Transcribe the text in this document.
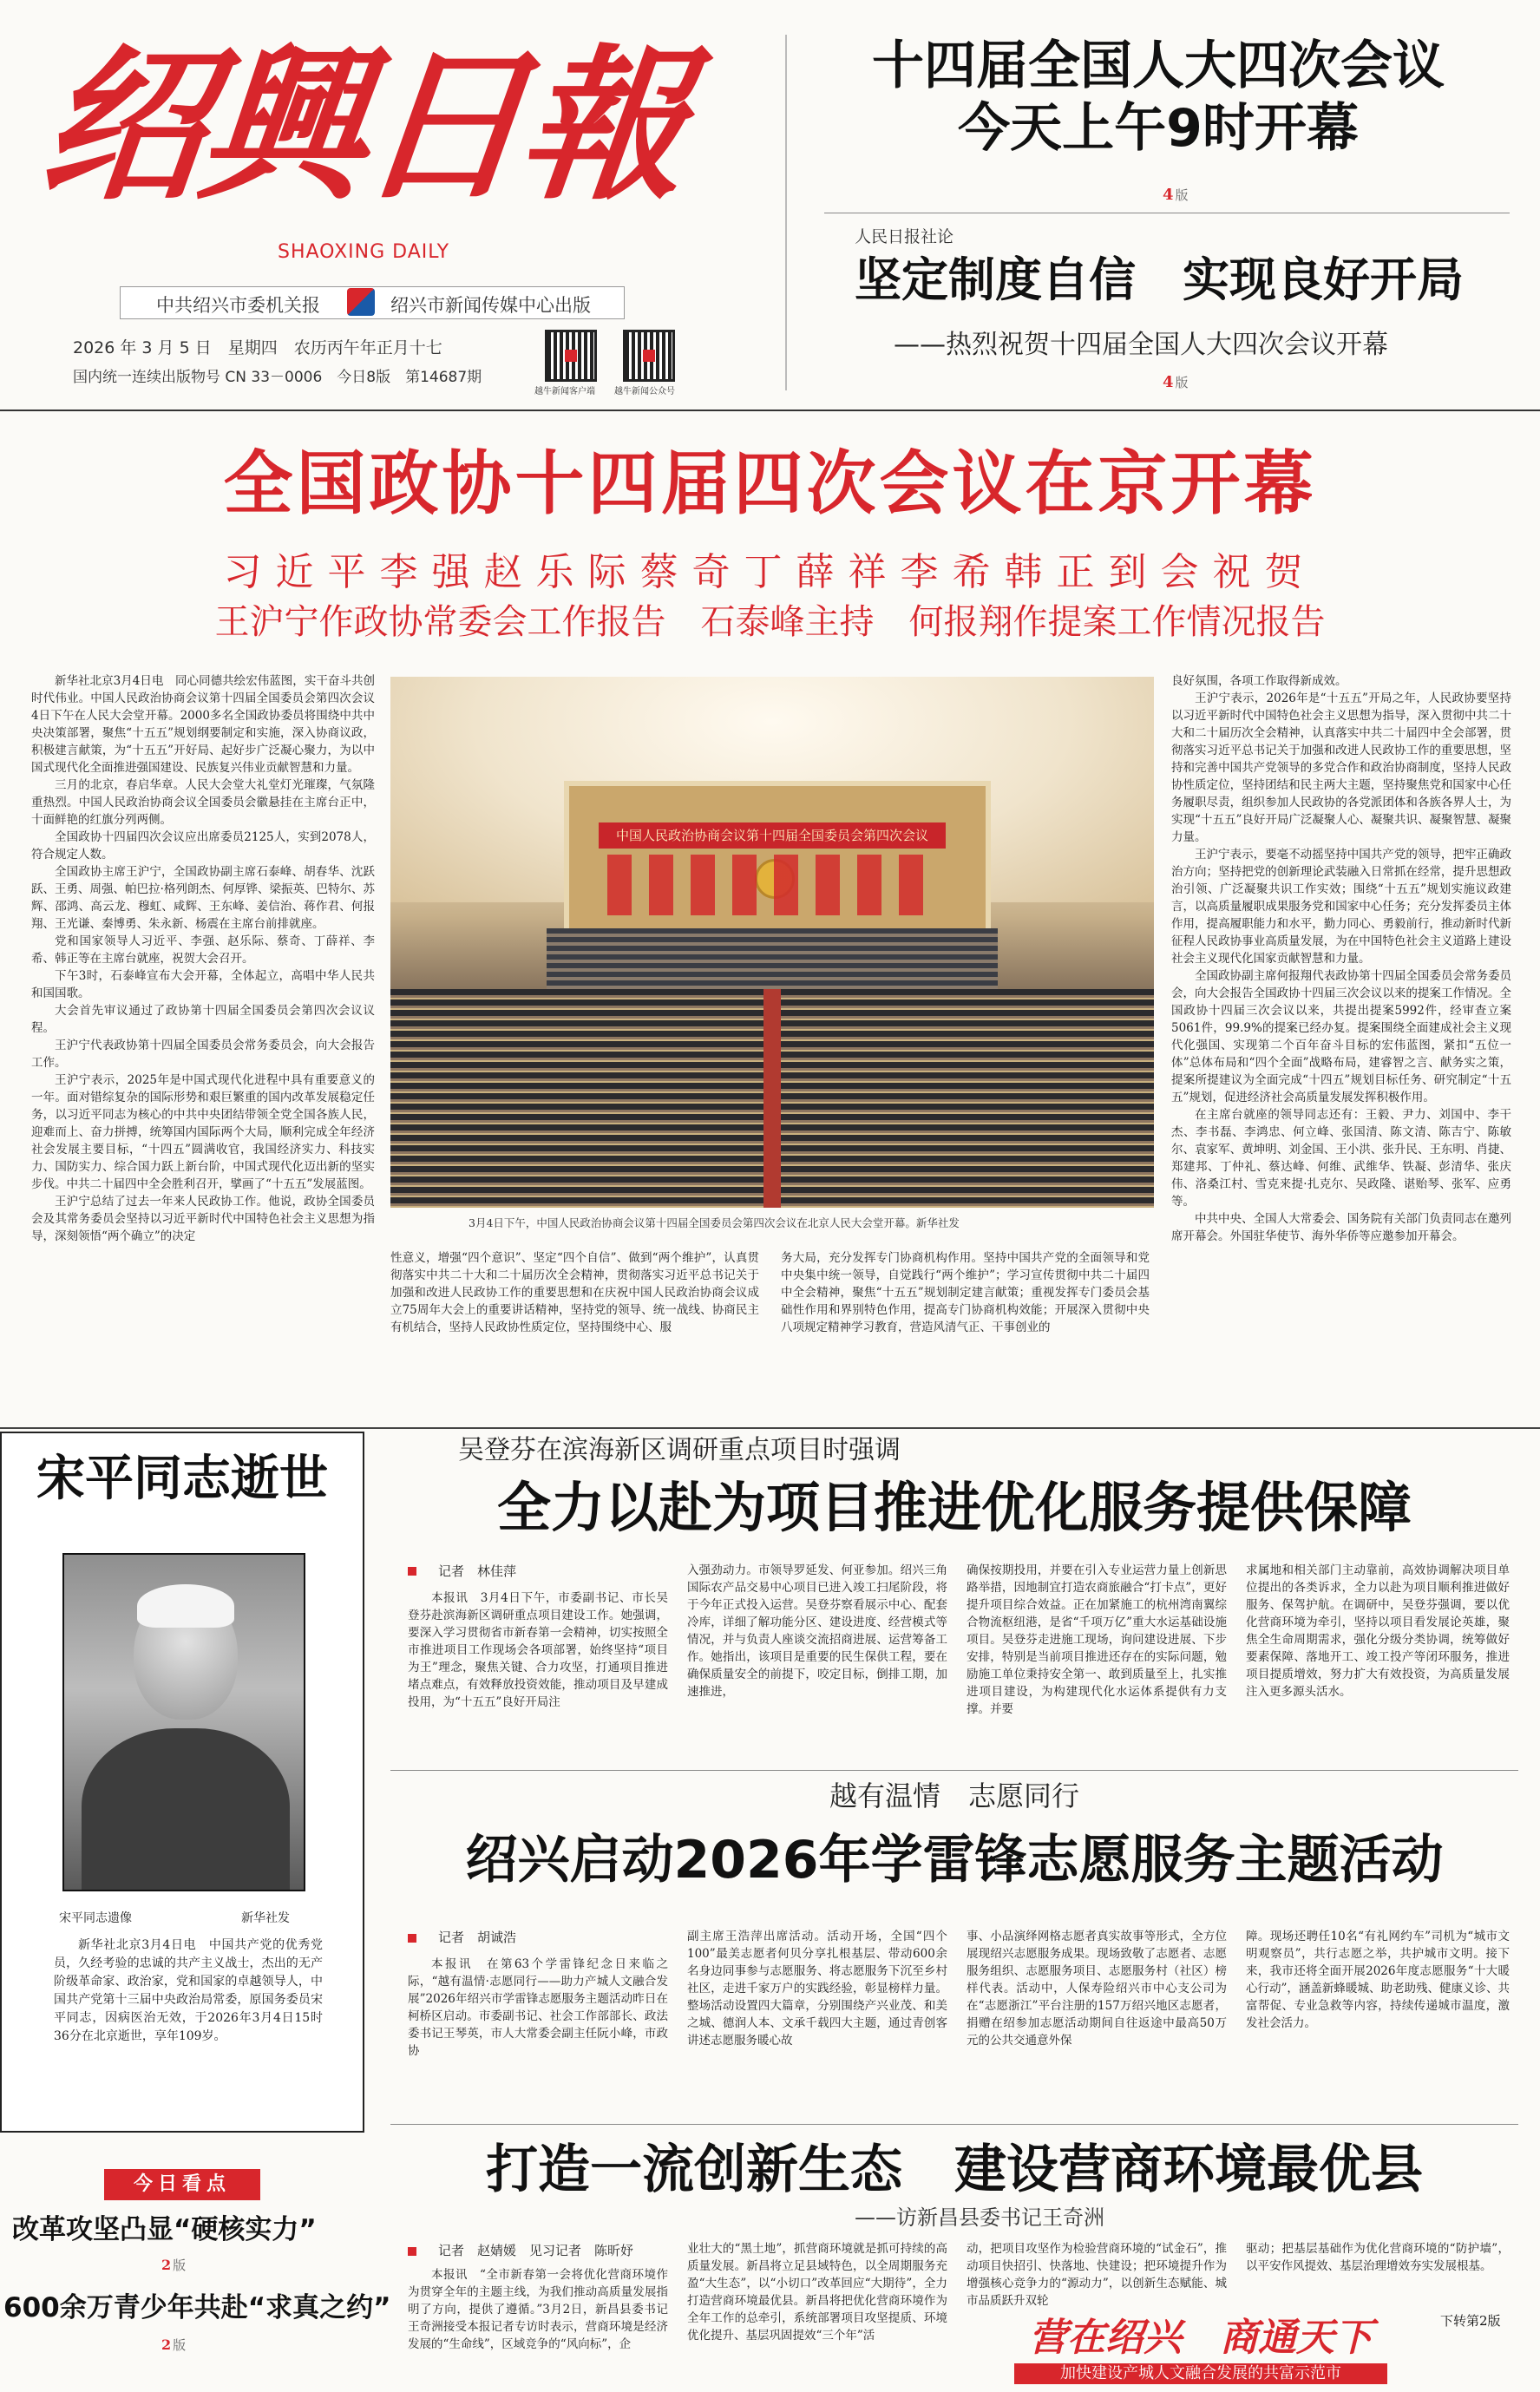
绍興日報
SHAOXING DAILY
中共绍兴市委机关报	绍兴市新闻传媒中心出版
2026 年 3 月 5 日　星期四　农历丙午年正月十七
国内统一连续出版物号 CN 33－0006　今日8版　第14687期
越牛新闻客户端 越牛新闻公众号
十四届全国人大四次会议
今天上午9时开幕
4 版
人民日报社论
坚定制度自信　实现良好开局
——热烈祝贺十四届全国人大四次会议开幕
4 版
全国政协十四届四次会议在京开幕
习近平李强赵乐际蔡奇丁薛祥李希韩正到会祝贺
王沪宁作政协常委会工作报告　石泰峰主持　何报翔作提案工作情况报告

新华社北京3月4日电　同心同德共绘宏伟蓝图，实干奋斗共创时代伟业。中国人民政治协商会议第十四届全国委员会第四次会议4日下午在人民大会堂开幕。2000多名全国政协委员将围绕中共中央决策部署，聚焦“十五五”规划纲要制定和实施，深入协商议政，积极建言献策，为“十五五”开好局、起好步广泛凝心聚力，为以中国式现代化全面推进强国建设、民族复兴伟业贡献智慧和力量。

三月的北京，春启华章。人民大会堂大礼堂灯光璀璨，气氛隆重热烈。中国人民政治协商会议全国委员会徽悬挂在主席台正中，十面鲜艳的红旗分列两侧。

全国政协十四届四次会议应出席委员2125人，实到2078人，符合规定人数。

全国政协主席王沪宁，全国政协副主席石泰峰、胡春华、沈跃跃、王勇、周强、帕巴拉·格列朗杰、何厚铧、梁振英、巴特尔、苏辉、邵鸿、高云龙、穆虹、咸辉、王东峰、姜信治、蒋作君、何报翔、王光谦、秦博勇、朱永新、杨震在主席台前排就座。

党和国家领导人习近平、李强、赵乐际、蔡奇、丁薛祥、李希、韩正等在主席台就座，祝贺大会召开。

下午3时，石泰峰宣布大会开幕，全体起立，高唱中华人民共和国国歌。

大会首先审议通过了政协第十四届全国委员会第四次会议议程。

王沪宁代表政协第十四届全国委员会常务委员会，向大会报告工作。

王沪宁表示，2025年是中国式现代化进程中具有重要意义的一年。面对错综复杂的国际形势和艰巨繁重的国内改革发展稳定任务，以习近平同志为核心的中共中央团结带领全党全国各族人民，迎难而上、奋力拼搏，统筹国内国际两个大局，顺利完成全年经济社会发展主要目标，“十四五”圆满收官，我国经济实力、科技实力、国防实力、综合国力跃上新台阶，中国式现代化迈出新的坚实步伐。中共二十届四中全会胜利召开，擘画了“十五五”发展蓝图。

王沪宁总结了过去一年来人民政协工作。他说，政协全国委员会及其常务委员会坚持以习近平新时代中国特色社会主义思想为指导，深刻领悟“两个确立”的决定

中国人民政治协商会议第十四届全国委员会第四次会议
3月4日下午，中国人民政治协商会议第十四届全国委员会第四次会议在北京人民大会堂开幕。新华社发

良好氛围，各项工作取得新成效。

王沪宁表示，2026年是“十五五”开局之年，人民政协要坚持以习近平新时代中国特色社会主义思想为指导，深入贯彻中共二十大和二十届历次全会精神，认真落实中共二十届四中全会部署，贯彻落实习近平总书记关于加强和改进人民政协工作的重要思想，坚持和完善中国共产党领导的多党合作和政治协商制度，坚持人民政协性质定位，坚持团结和民主两大主题，坚持聚焦党和国家中心任务履职尽责，组织参加人民政协的各党派团体和各族各界人士，为实现“十五五”良好开局广泛凝聚人心、凝聚共识、凝聚智慧、凝聚力量。

王沪宁表示，要毫不动摇坚持中国共产党的领导，把牢正确政治方向；坚持把党的创新理论武装融入日常抓在经常，提升思想政治引领、广泛凝聚共识工作实效；围绕“十五五”规划实施议政建言，以高质量履职成果服务党和国家中心任务；充分发挥委员主体作用，提高履职能力和水平，勤力同心、勇毅前行，推动新时代新征程人民政协事业高质量发展，为在中国特色社会主义道路上建设社会主义现代化国家贡献智慧和力量。

全国政协副主席何报翔代表政协第十四届全国委员会常务委员会，向大会报告全国政协十四届三次会议以来的提案工作情况。全国政协十四届三次会议以来，共提出提案5992件，经审查立案5061件，99.9%的提案已经办复。提案围绕全面建成社会主义现代化强国、实现第二个百年奋斗目标的宏伟蓝图，紧扣“五位一体”总体布局和“四个全面”战略布局，建睿智之言、献务实之策，提案所提建议为全面完成“十四五”规划目标任务、研究制定“十五五”规划，促进经济社会高质量发展发挥积极作用。

在主席台就座的领导同志还有：王毅、尹力、刘国中、李干杰、李书磊、李鸿忠、何立峰、张国清、陈文清、陈吉宁、陈敏尔、袁家军、黄坤明、刘金国、王小洪、张升民、王东明、肖捷、郑建邦、丁仲礼、蔡达峰、何维、武维华、铁凝、彭清华、张庆伟、洛桑江村、雪克来提·扎克尔、吴政隆、谌贻琴、张军、应勇等。

中共中央、全国人大常委会、国务院有关部门负责同志在邀列席开幕会。外国驻华使节、海外华侨等应邀参加开幕会。

性意义，增强“四个意识”、坚定“四个自信”、做到“两个维护”，认真贯彻落实中共二十大和二十届历次全会精神，贯彻落实习近平总书记关于加强和改进人民政协工作的重要思想和在庆祝中国人民政治协商会议成立75周年大会上的重要讲话精神，坚持党的领导、统一战线、协商民主有机结合，坚持人民政协性质定位，坚持围绕中心、服

务大局，充分发挥专门协商机构作用。坚持中国共产党的全面领导和党中央集中统一领导，自觉践行“两个维护”；学习宣传贯彻中共二十届四中全会精神，聚焦“十五五”规划制定建言献策；重视发挥专门委员会基础性作用和界别特色作用，提高专门协商机构效能；开展深入贯彻中央八项规定精神学习教育，营造风清气正、干事创业的

宋平同志逝世
宋平同志遗像	新华社发

新华社北京3月4日电　中国共产党的优秀党员，久经考验的忠诚的共产主义战士，杰出的无产阶级革命家、政治家，党和国家的卓越领导人，中国共产党第十三届中央政治局常委，原国务委员宋平同志，因病医治无效，于2026年3月4日15时36分在北京逝世，享年109岁。

今日看点
改革攻坚凸显“硬核实力”
2 版
600余万青少年共赴“求真之约”
2 版
吴登芬在滨海新区调研重点项目时强调
全力以赴为项目推进优化服务提供保障
记者　林佳萍

本报讯　3月4日下午，市委副书记、市长吴登芬赴滨海新区调研重点项目建设工作。她强调，要深入学习贯彻省市新春第一会精神，切实按照全市推进项目工作现场会各项部署，始终坚持“项目为王”理念，聚焦关键、合力攻坚，打通项目推进堵点难点，有效释放投资效能，推动项目及早建成投用，为“十五五”良好开局注

入强劲动力。市领导罗延发、何亚参加。绍兴三角国际农产品交易中心项目已进入竣工扫尾阶段，将于今年正式投入运营。吴登芬察看展示中心、配套冷库，详细了解功能分区、建设进度、经营模式等情况，并与负责人座谈交流招商进展、运营筹备工作。她指出，该项目是重要的民生保供工程，要在确保质量安全的前提下，咬定目标，倒排工期，加速推进，

确保按期投用，并要在引入专业运营力量上创新思路举措，因地制宜打造农商旅融合“打卡点”，更好提升项目综合效益。正在加紧施工的杭州湾南翼综合物流枢纽港，是省“千项万亿”重大水运基础设施项目。吴登芬走进施工现场，询问建设进展、下步安排，特别是当前项目推进还存在的实际问题，勉励施工单位秉持安全第一、敢到质量至上，扎实推进项目建设，为构建现代化水运体系提供有力支撑。并要

求属地和相关部门主动靠前，高效协调解决项目单位提出的各类诉求，全力以赴为项目顺利推进做好服务、保驾护航。在调研中，吴登芬强调，要以优化营商环境为牵引，坚持以项目看发展论英雄，聚焦全生命周期需求，强化分级分类协调，统筹做好要素保障、落地开工、竣工投产等闭环服务，推进项目提质增效，努力扩大有效投资，为高质量发展注入更多源头活水。

越有温情　志愿同行
绍兴启动2026年学雷锋志愿服务主题活动
记者　胡诚浩

本报讯　在第63个学雷锋纪念日来临之际，“越有温情·志愿同行——助力产城人文融合发展”2026年绍兴市学雷锋志愿服务主题活动昨日在柯桥区启动。市委副书记、社会工作部部长、政法委书记王琴英，市人大常委会副主任阮小峰，市政协

副主席王浩萍出席活动。活动开场，全国“四个100”最美志愿者何贝分享扎根基层、带动600余名身边同事参与志愿服务、将志愿服务下沉至乡村社区，走进千家万户的实践经验，彰显榜样力量。整场活动设置四大篇章，分别围绕产兴业茂、和美之城、德润人本、文承千载四大主题，通过青创客讲述志愿服务暖心故

事、小品演绎网格志愿者真实故事等形式，全方位展现绍兴志愿服务成果。现场致敬了志愿者、志愿服务组织、志愿服务项目、志愿服务村（社区）榜样代表。活动中，人保寿险绍兴市中心支公司为在“志愿浙江”平台注册的157万绍兴地区志愿者，捐赠在绍参加志愿活动期间自往返途中最高50万元的公共交通意外保

障。现场还聘任10名“有礼网约车”司机为“城市文明观察员”，共行志愿之举，共护城市文明。接下来，我市还将全面开展2026年度志愿服务“十大暖心行动”，涵盖新蜂暖城、助老助残、健康义诊、共富帮促、专业急救等内容，持续传递城市温度，激发社会活力。

打造一流创新生态　建设营商环境最优县
——访新昌县委书记王奇洲
记者　赵婧媛　见习记者　陈昕妤

本报讯　“全市新春第一会将优化营商环境作为贯穿全年的主题主线，为我们推动高质量发展指明了方向，提供了遵循。”3月2日，新昌县委书记王奇洲接受本报记者专访时表示，营商环境是经济发展的“生命线”，区域竞争的“风向标”，企

业壮大的“黑土地”，抓营商环境就是抓可持续的高质量发展。新昌将立足县域特色，以全周期服务充盈“大生态”，以“小切口”改革回应“大期待”，全力打造营商环境最优县。新昌将把优化营商环境作为全年工作的总牵引，系统部署项目攻坚提质、环境优化提升、基层巩固提效“三个年”活

动，把项目攻坚作为检验营商环境的“试金石”，推动项目快招引、快落地、快建设；把环境提升作为增强核心竞争力的“源动力”，以创新生态赋能、城市品质跃升双轮

驱动；把基层基础作为优化营商环境的“防护墙”，以平安作风提效、基层治理增效夯实发展根基。

下转第2版
营在绍兴　商通天下
加快建设产城人文融合发展的共富示范市
